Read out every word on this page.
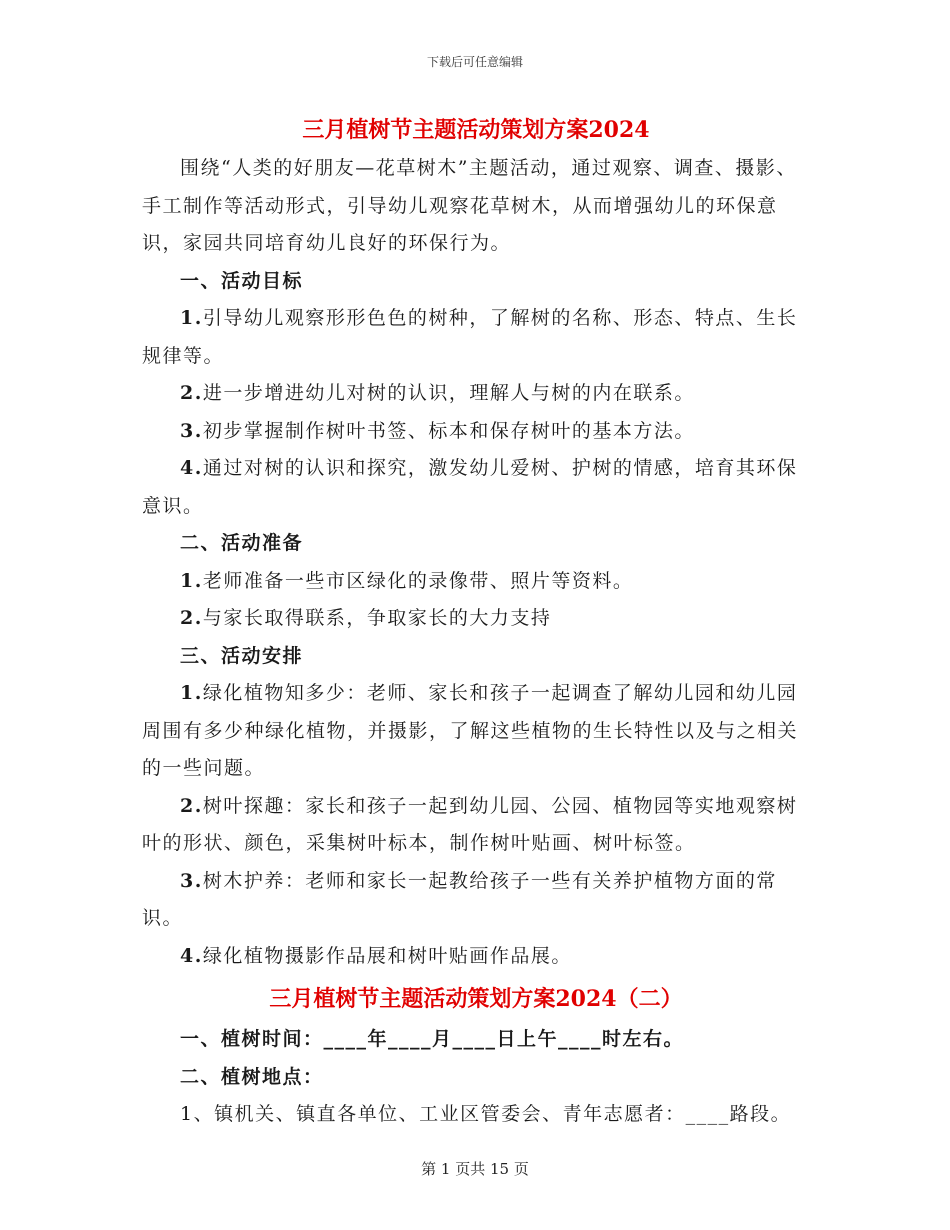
下载后可任意编辑
三月植树节主题活动策划方案2024

围绕“人类的好朋友—花草树木”主题活动，通过观察、调查、摄影、手工制作等活动形式，引导幼儿观察花草树木，从而增强幼儿的环保意识，家园共同培育幼儿良好的环保行为。

一、活动目标

1.引导幼儿观察形形色色的树种，了解树的名称、形态、特点、生长规律等。

2.进一步增进幼儿对树的认识，理解人与树的内在联系。

3.初步掌握制作树叶书签、标本和保存树叶的基本方法。

4.通过对树的认识和探究，激发幼儿爱树、护树的情感，培育其环保意识。

二、活动准备

1.老师准备一些市区绿化的录像带、照片等资料。

2.与家长取得联系，争取家长的大力支持

三、活动安排

1.绿化植物知多少：老师、家长和孩子一起调查了解幼儿园和幼儿园周围有多少种绿化植物，并摄影，了解这些植物的生长特性以及与之相关的一些问题。

2.树叶探趣：家长和孩子一起到幼儿园、公园、植物园等实地观察树叶的形状、颜色，采集树叶标本，制作树叶贴画、树叶标签。

3.树木护养：老师和家长一起教给孩子一些有关养护植物方面的常识。

4.绿化植物摄影作品展和树叶贴画作品展。

三月植树节主题活动策划方案2024（二）

一、植树时间：____年____月____日上午____时左右。

二、植树地点：

1、镇机关、镇直各单位、工业区管委会、青年志愿者：____路段。

第 1 页共 15 页
